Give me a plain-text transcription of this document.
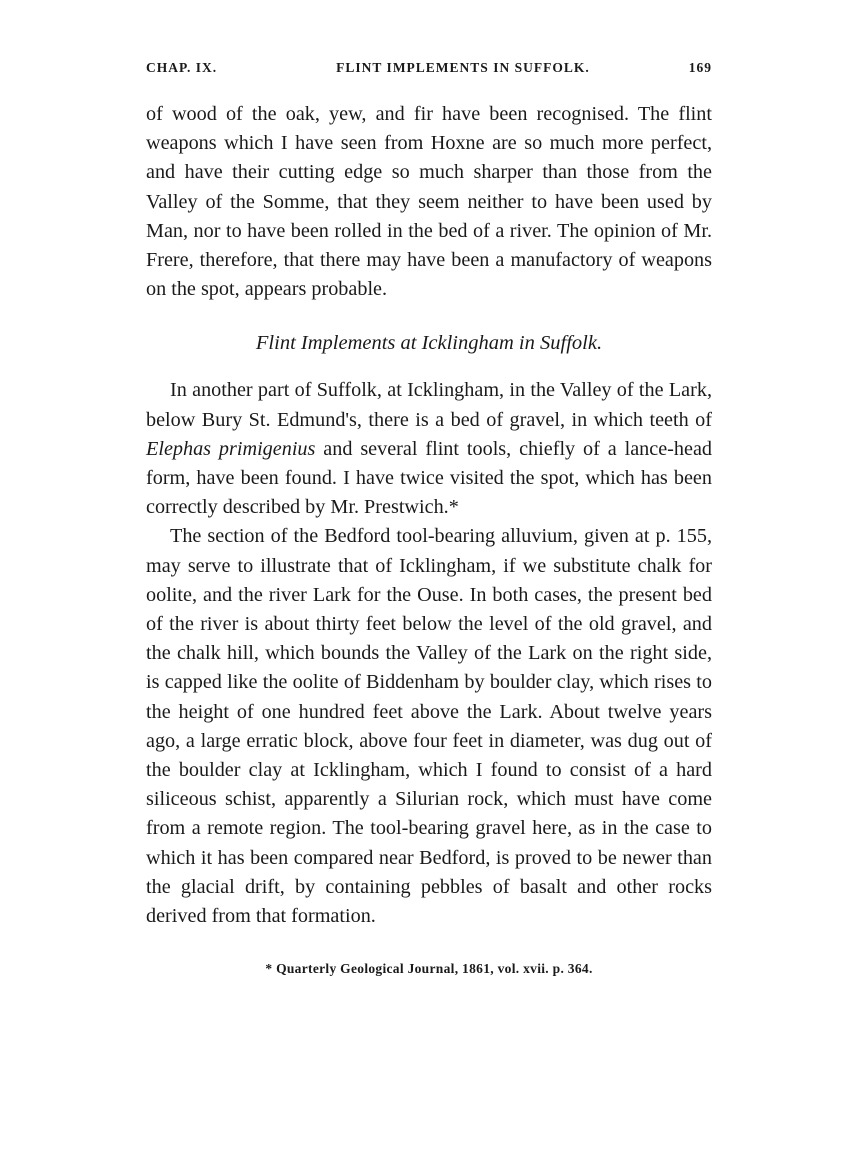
CHAP. IX.	FLINT IMPLEMENTS IN SUFFOLK.	169

of wood of the oak, yew, and fir have been recognised. The flint weapons which I have seen from Hoxne are so much more perfect, and have their cutting edge so much sharper than those from the Valley of the Somme, that they seem neither to have been used by Man, nor to have been rolled in the bed of a river. The opinion of Mr. Frere, therefore, that there may have been a manufactory of weapons on the spot, appears probable.

Flint Implements at Icklingham in Suffolk.

In another part of Suffolk, at Icklingham, in the Valley of the Lark, below Bury St. Edmund's, there is a bed of gravel, in which teeth of Elephas primigenius and several flint tools, chiefly of a lance-head form, have been found. I have twice visited the spot, which has been correctly described by Mr. Prestwich.*

The section of the Bedford tool-bearing alluvium, given at p. 155, may serve to illustrate that of Icklingham, if we substitute chalk for oolite, and the river Lark for the Ouse. In both cases, the present bed of the river is about thirty feet below the level of the old gravel, and the chalk hill, which bounds the Valley of the Lark on the right side, is capped like the oolite of Biddenham by boulder clay, which rises to the height of one hundred feet above the Lark. About twelve years ago, a large erratic block, above four feet in diameter, was dug out of the boulder clay at Icklingham, which I found to consist of a hard siliceous schist, apparently a Silurian rock, which must have come from a remote region. The tool-bearing gravel here, as in the case to which it has been compared near Bedford, is proved to be newer than the glacial drift, by containing pebbles of basalt and other rocks derived from that formation.

* Quarterly Geological Journal, 1861, vol. xvii. p. 364.
